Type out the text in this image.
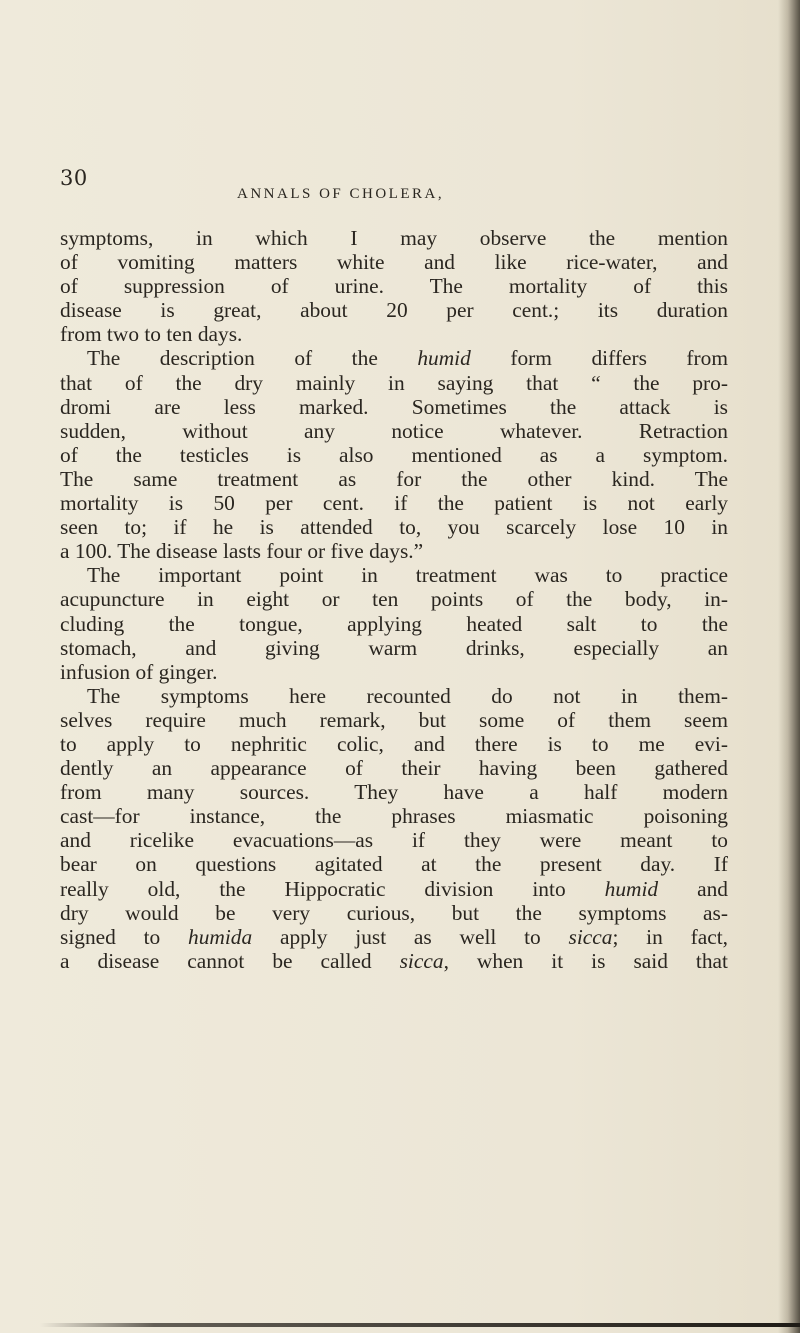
30
ANNALS OF CHOLERA,
symptoms, in which I may observe the mention
of vomiting matters white and like rice-water, and
of suppression of urine. The mortality of this
disease is great, about 20 per cent.; its duration
from two to ten days.
The description of the humid form differs from
that of the dry mainly in saying that “ the pro-
dromi are less marked. Sometimes the attack is
sudden, without any notice whatever. Retraction
of the testicles is also mentioned as a symptom.
The same treatment as for the other kind. The
mortality is 50 per cent. if the patient is not early
seen to; if he is attended to, you scarcely lose 10 in
a 100. The disease lasts four or five days.”
The important point in treatment was to practice
acupuncture in eight or ten points of the body, in-
cluding the tongue, applying heated salt to the
stomach, and giving warm drinks, especially an
infusion of ginger.
The symptoms here recounted do not in them-
selves require much remark, but some of them seem
to apply to nephritic colic, and there is to me evi-
dently an appearance of their having been gathered
from many sources. They have a half modern
cast—for instance, the phrases miasmatic poisoning
and ricelike evacuations—as if they were meant to
bear on questions agitated at the present day. If
really old, the Hippocratic division into humid and
dry would be very curious, but the symptoms as-
signed to humida apply just as well to sicca; in fact,
a disease cannot be called sicca, when it is said that
